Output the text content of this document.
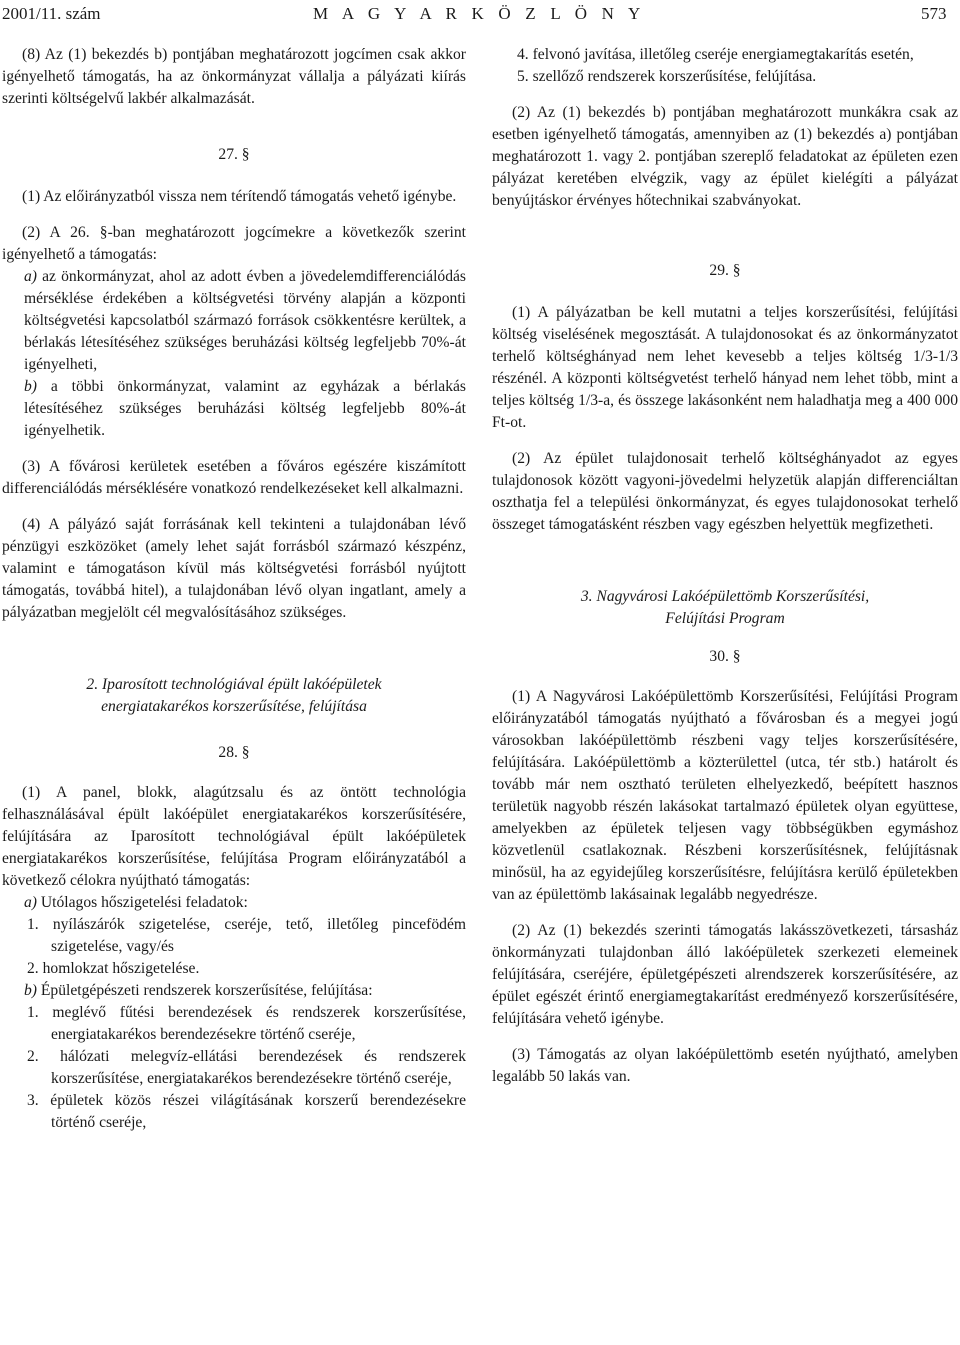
2001/11. szám	M A G Y A R K Ö Z L Ö N Y	573

(8) Az (1) bekezdés b) pontjában meghatározott jogcímen csak akkor igényelhető támogatás, ha az önkormányzat vállalja a pályázati kiírás szerinti költségelvű lakbér alkalmazását.

27. §

(1) Az előirányzatból vissza nem térítendő támogatás vehető igénybe.

(2) A 26. §-ban meghatározott jogcímekre a következők szerint igényelhető a támogatás:

a) az önkormányzat, ahol az adott évben a jövedelemdifferenciálódás mérséklése érdekében a költségvetési törvény alapján a központi költségvetési kapcsolatból származó források csökkentésre kerültek, a bérlakás létesítéséhez szükséges beruházási költség legfeljebb 70%-át igényelheti,

b) a többi önkormányzat, valamint az egyházak a bérlakás létesítéséhez szükséges beruházási költség legfeljebb 80%-át igényelhetik.

(3) A fővárosi kerületek esetében a főváros egészére kiszámított differenciálódás mérséklésére vonatkozó rendelkezéseket kell alkalmazni.

(4) A pályázó saját forrásának kell tekinteni a tulajdonában lévő pénzügyi eszközöket (amely lehet saját forrásból származó készpénz, valamint e támogatáson kívül más költségvetési forrásból nyújtott támogatás, továbbá hitel), a tulajdonában lévő olyan ingatlant, amely a pályázatban megjelölt cél megvalósításához szükséges.

2. Iparosított technológiával épült lakóépületek

energiatakarékos korszerűsítése, felújítása

28. §

(1) A panel, blokk, alagútzsalu és az öntött technológia felhasználásával épült lakóépület energiatakarékos korszerűsítésére, felújítására az Iparosított technológiával épült lakóépületek energiatakarékos korszerűsítése, felújítása Program előirányzatából a következő célokra nyújtható támogatás:

a) Utólagos hőszigetelési feladatok:

1. nyílászárók szigetelése, cseréje, tető, illetőleg pincefödém szigetelése, vagy/és

2. homlokzat hőszigetelése.

b) Épületgépészeti rendszerek korszerűsítése, felújítása:

1. meglévő fűtési berendezések és rendszerek korszerűsítése, energiatakarékos berendezésekre történő cseréje,

2. hálózati melegvíz-ellátási berendezések és rendszerek korszerűsítése, energiatakarékos berendezésekre történő cseréje,

3. épületek közös részei világításának korszerű berendezésekre történő cseréje,

4. felvonó javítása, illetőleg cseréje energiamegtakarítás esetén,

5. szellőző rendszerek korszerűsítése, felújítása.

(2) Az (1) bekezdés b) pontjában meghatározott munkákra csak az esetben igényelhető támogatás, amennyiben az (1) bekezdés a) pontjában meghatározott 1. vagy 2. pontjában szereplő feladatokat az épületen ezen pályázat keretében elvégzik, vagy az épület kielégíti a pályázat benyújtáskor érvényes hőtechnikai szabványokat.

29. §

(1) A pályázatban be kell mutatni a teljes korszerűsítési, felújítási költség viselésének megosztását. A tulajdonosokat és az önkormányzatot terhelő költséghányad nem lehet kevesebb a teljes költség 1/3-1/3 részénél. A központi költségvetést terhelő hányad nem lehet több, mint a teljes költség 1/3-a, és összege lakásonként nem haladhatja meg a 400 000 Ft-ot.

(2) Az épület tulajdonosait terhelő költséghányadot az egyes tulajdonosok között vagyoni-jövedelmi helyzetük alapján differenciáltan oszthatja fel a települési önkormányzat, és egyes tulajdonosokat terhelő összeget támogatásként részben vagy egészben helyettük megfizetheti.

3. Nagyvárosi Lakóépülettömb Korszerűsítési,

Felújítási Program

30. §

(1) A Nagyvárosi Lakóépülettömb Korszerűsítési, Felújítási Program előirányzatából támogatás nyújtható a fővárosban és a megyei jogú városokban lakóépülettömb részbeni vagy teljes korszerűsítésére, felújítására. Lakóépülettömb a közterülettel (utca, tér stb.) határolt és tovább már nem osztható területen elhelyezkedő, beépített hasznos területük nagyobb részén lakásokat tartalmazó épületek olyan együttese, amelyekben az épületek teljesen vagy többségükben egymáshoz közvetlenül csatlakoznak. Részbeni korszerűsítésnek, felújításnak minősül, ha az egyidejűleg korszerűsítésre, felújításra kerülő épületekben van az épülettömb lakásainak legalább negyedrésze.

(2) Az (1) bekezdés szerinti támogatás lakásszövetkezeti, társasház önkormányzati tulajdonban álló lakóépületek szerkezeti elemeinek felújítására, cseréjére, épületgépészeti alrendszerek korszerűsítésére, az épület egészét érintő energiamegtakarítást eredményező korszerűsítésére, felújítására vehető igénybe.

(3) Támogatás az olyan lakóépülettömb esetén nyújtható, amelyben legalább 50 lakás van.
